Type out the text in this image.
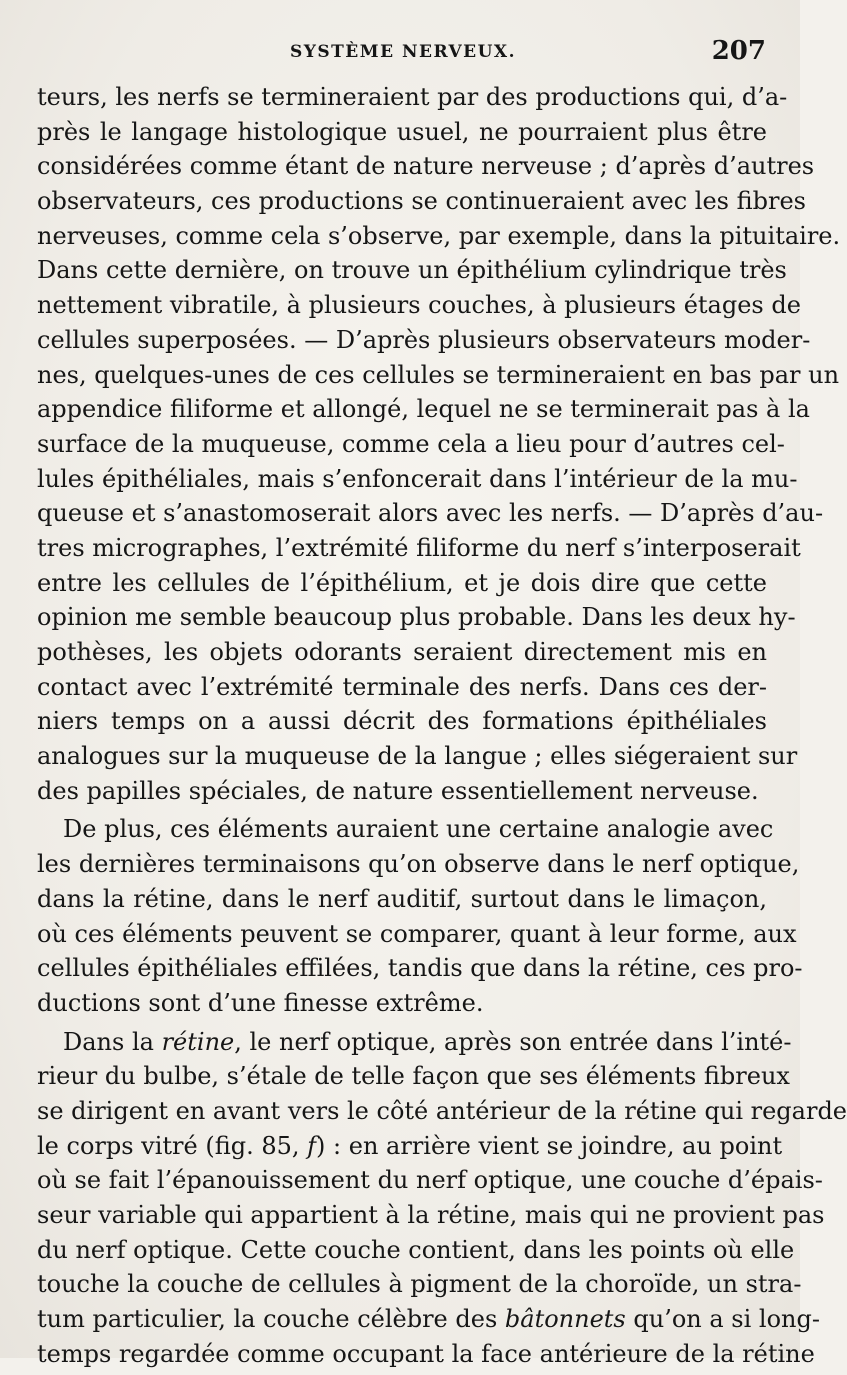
SYSTÈME NERVEUX.	207
teurs, les nerfs se termineraient par des productions qui, d’a-
près le langage histologique usuel, ne pourraient plus être
considérées comme étant de nature nerveuse ; d’après d’autres
observateurs, ces productions se continueraient avec les fibres
nerveuses, comme cela s’observe, par exemple, dans la pituitaire.
Dans cette dernière, on trouve un épithélium cylindrique très
nettement vibratile, à plusieurs couches, à plusieurs étages de
cellules superposées. — D’après plusieurs observateurs moder-
nes, quelques-unes de ces cellules se termineraient en bas par un
appendice filiforme et allongé, lequel ne se terminerait pas à la
surface de la muqueuse, comme cela a lieu pour d’autres cel-
lules épithéliales, mais s’enfoncerait dans l’intérieur de la mu-
queuse et s’anastomoserait alors avec les nerfs. — D’après d’au-
tres micrographes, l’extrémité filiforme du nerf s’interposerait
entre les cellules de l’épithélium, et je dois dire que cette
opinion me semble beaucoup plus probable. Dans les deux hy-
pothèses, les objets odorants seraient directement mis en
contact avec l’extrémité terminale des nerfs. Dans ces der-
niers temps on a aussi décrit des formations épithéliales
analogues sur la muqueuse de la langue ; elles siégeraient sur
des papilles spéciales, de nature essentiellement nerveuse.
De plus, ces éléments auraient une certaine analogie avec
les dernières terminaisons qu’on observe dans le nerf optique,
dans la rétine, dans le nerf auditif, surtout dans le limaçon,
où ces éléments peuvent se comparer, quant à leur forme, aux
cellules épithéliales effilées, tandis que dans la rétine, ces pro-
ductions sont d’une finesse extrême.
Dans la rétine, le nerf optique, après son entrée dans l’inté-
rieur du bulbe, s’étale de telle façon que ses éléments fibreux
se dirigent en avant vers le côté antérieur de la rétine qui regarde
le corps vitré (fig. 85, f) : en arrière vient se joindre, au point
où se fait l’épanouissement du nerf optique, une couche d’épais-
seur variable qui appartient à la rétine, mais qui ne provient pas
du nerf optique. Cette couche contient, dans les points où elle
touche la couche de cellules à pigment de la choroïde, un stra-
tum particulier, la couche célèbre des bâtonnets qu’on a si long-
temps regardée comme occupant la face antérieure de la rétine
